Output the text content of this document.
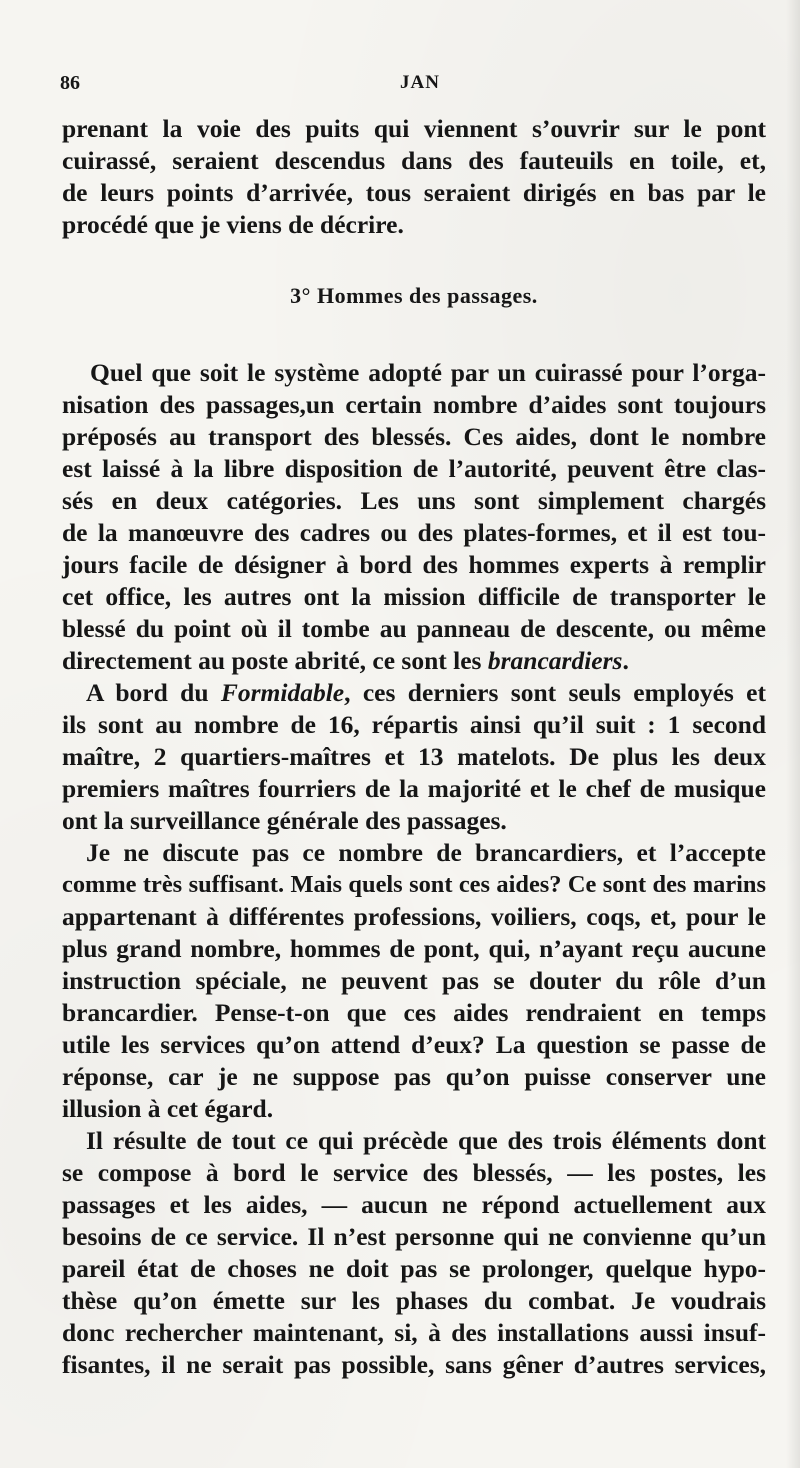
86	JAN
prenant la voie des puits qui viennent s’ouvrir sur le pont
cuirassé, seraient descendus dans des fauteuils en toile, et,
de leurs points d’arrivée, tous seraient dirigés en bas par le
procédé que je viens de décrire.
3° Hommes des passages.
Quel que soit le système adopté par un cuirassé pour l’orga-
nisation des passages,un certain nombre d’aides sont toujours
préposés au transport des blessés. Ces aides, dont le nombre
est laissé à la libre disposition de l’autorité, peuvent être clas-
sés en deux catégories. Les uns sont simplement chargés
de la manœuvre des cadres ou des plates-formes, et il est tou-
jours facile de désigner à bord des hommes experts à remplir
cet office, les autres ont la mission difficile de transporter le
blessé du point où il tombe au panneau de descente, ou même
directement au poste abrité, ce sont les brancardiers.
A bord du Formidable, ces derniers sont seuls employés et
ils sont au nombre de 16, répartis ainsi qu’il suit : 1 second
maître, 2 quartiers-maîtres et 13 matelots. De plus les deux
premiers maîtres fourriers de la majorité et le chef de musique
ont la surveillance générale des passages.
Je ne discute pas ce nombre de brancardiers, et l’accepte
comme très suffisant. Mais quels sont ces aides? Ce sont des marins
appartenant à différentes professions, voiliers, coqs, et, pour le
plus grand nombre, hommes de pont, qui, n’ayant reçu aucune
instruction spéciale, ne peuvent pas se douter du rôle d’un
brancardier. Pense-t-on que ces aides rendraient en temps
utile les services qu’on attend d’eux? La question se passe de
réponse, car je ne suppose pas qu’on puisse conserver une
illusion à cet égard.
Il résulte de tout ce qui précède que des trois éléments dont
se compose à bord le service des blessés, — les postes, les
passages et les aides, — aucun ne répond actuellement aux
besoins de ce service. Il n’est personne qui ne convienne qu’un
pareil état de choses ne doit pas se prolonger, quelque hypo-
thèse qu’on émette sur les phases du combat. Je voudrais
donc rechercher maintenant, si, à des installations aussi insuf-
fisantes, il ne serait pas possible, sans gêner d’autres services,
